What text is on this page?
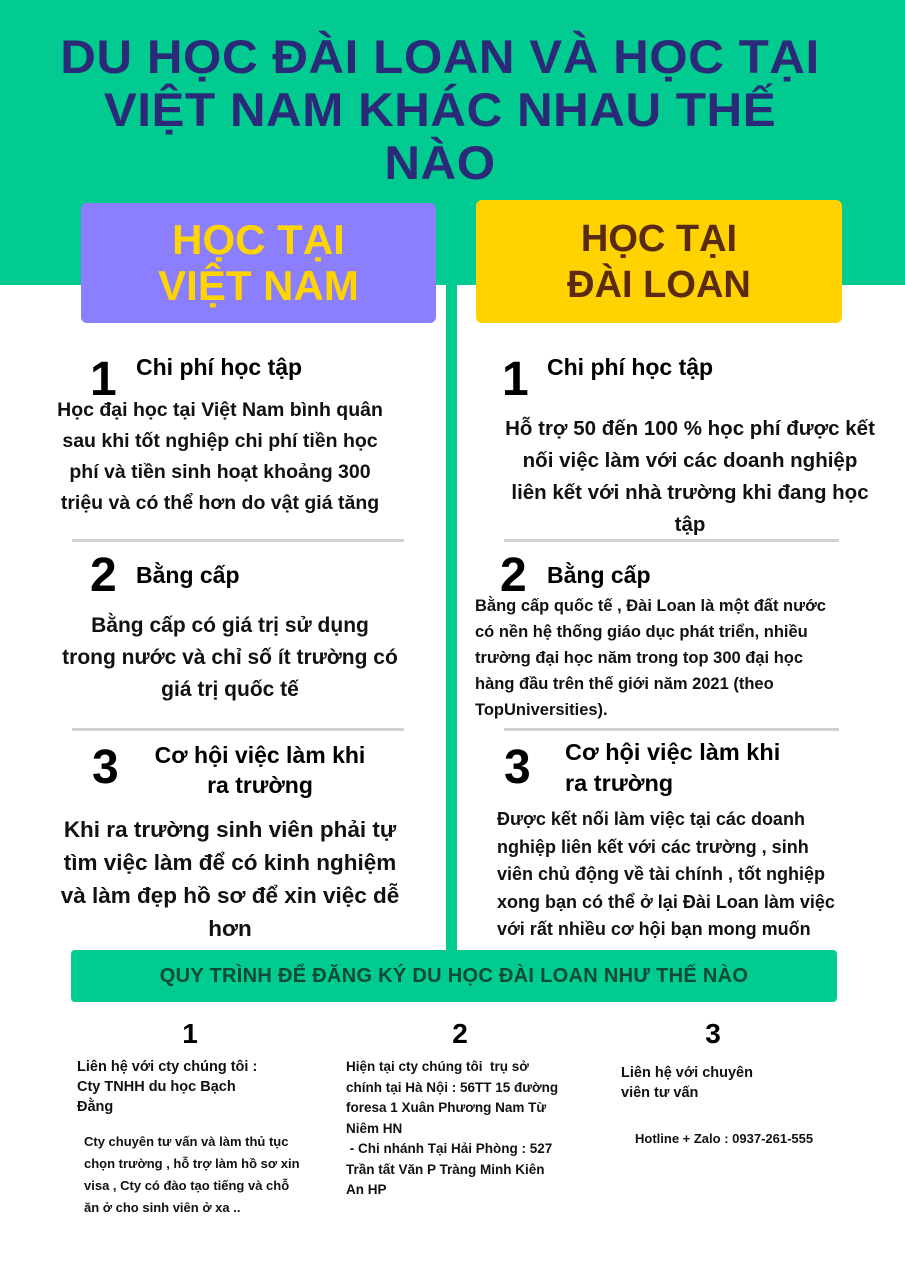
DU HỌC ĐÀI LOAN VÀ HỌC TẠI
VIỆT NAM KHÁC NHAU THẾ
NÀO
HỌC TẠI
VIỆT NAM
HỌC TẠI
ĐÀI LOAN
1 Chi phí học tập
Học đại học tại Việt Nam bình quân
sau khi tốt nghiệp chi phí tiền học
phí và tiền sinh hoạt khoảng 300
triệu và có thể hơn do vật giá tăng
2 Bằng cấp
Bằng cấp có giá trị sử dụng
trong nước và chỉ số ít trường có
giá trị quốc tế
3	Cơ hội việc làm khi
ra trường
Khi ra trường sinh viên phải tự
tìm việc làm để có kinh nghiệm
và làm đẹp hồ sơ để xin việc dễ
hơn
1 Chi phí học tập
Hỗ trợ 50 đến 100 % học phí được kết
nối việc làm với các doanh nghiệp
liên kết với nhà trường khi đang học
tập
2 Bằng cấp
Bằng cấp quốc tế , Đài Loan là một đất nước
có nền hệ thống giáo dục phát triển, nhiều
trường đại học năm trong top 300 đại học
hàng đầu trên thế giới năm 2021 (theo
TopUniversities).
3 Cơ hội việc làm khi
ra trường
Được kết nối làm việc tại các doanh
nghiệp liên kết với các trường , sinh
viên chủ động về tài chính , tốt nghiệp
xong bạn có thể ở lại Đài Loan làm việc
với rất nhiều cơ hội bạn mong muốn
QUY TRÌNH ĐỂ ĐĂNG KÝ DU HỌC ĐÀI LOAN NHƯ THẾ NÀO
1
Liên hệ với cty chúng tôi :
Cty TNHH du học Bạch
Đằng
Cty chuyên tư vấn và làm thủ tục
chọn trường , hỗ trợ làm hồ sơ xin
visa , Cty có đào tạo tiếng và chỗ
ăn ở cho sinh viên ở xa ..
2
Hiện tại cty chúng tôi  trụ sở
chính tại Hà Nội : 56TT 15 đường
foresa 1 Xuân Phương Nam Từ
Niêm HN
- Chi nhánh Tại Hải Phòng : 527
Trần tất Văn P Tràng Minh Kiên
An HP
3
Liên hệ với chuyên
viên tư vấn
Hotline + Zalo : 0937-261-555
